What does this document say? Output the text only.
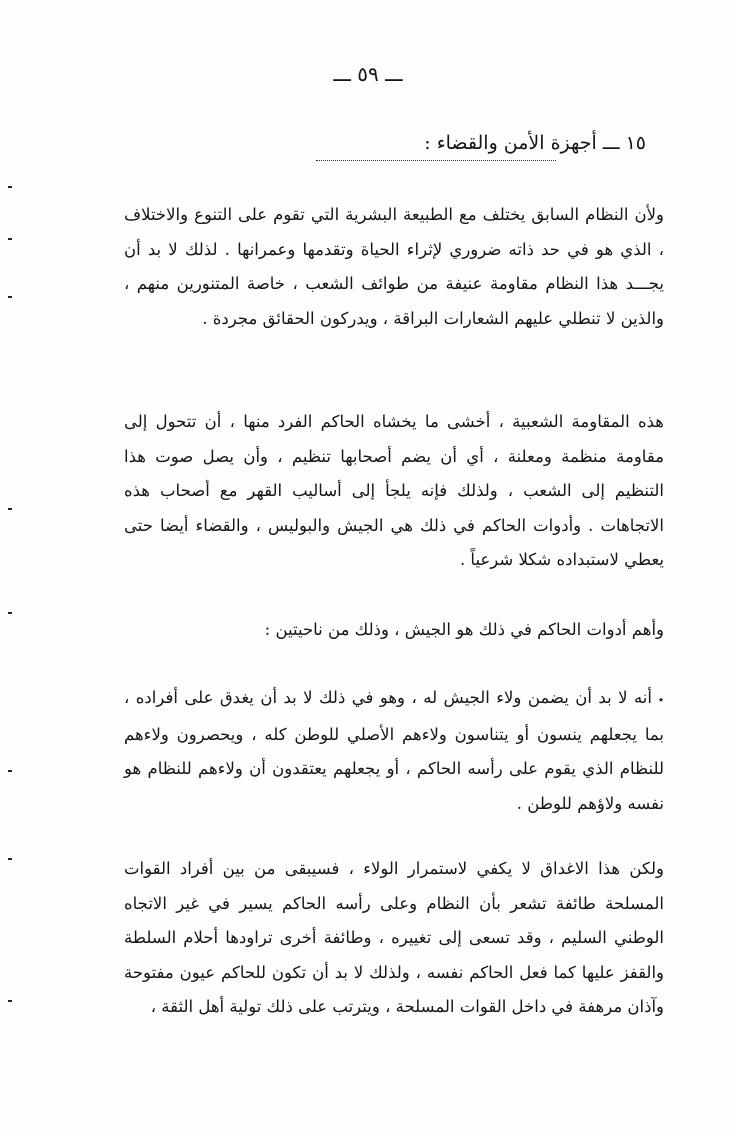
ـــ ٥٩ ـــ
١٥ ـــ أجهزة الأمن والقضاء :

ولأن النظام السابق يختلف مع الطبيعة البشرية التي تقوم على التنوع والاختلاف ، الذي هو في حد ذاته ضروري لإثراء الحياة وتقدمها وعمرانها . لذلك لا بد أن يجـــد هذا النظام مقاومة عنيفة من طوائف الشعب ، خاصة المتنورين منهم ، والذين لا تنطلي عليهم الشعارات البراقة ، ويدركون الحقائق مجردة .

هذه المقاومة الشعبية ، أخشى ما يخشاه الحاكم الفرد منها ، أن تتحول إلى مقاومة منظمة ومعلنة ، أي أن يضم أصحابها تنظيم ، وأن يصل صوت هذا التنظيم إلى الشعب ، ولذلك فإنه يلجأ إلى أساليب القهر مع أصحاب هذه الاتجاهات . وأدوات الحاكم في ذلك هي الجيش والبوليس ، والقضاء أيضا حتى يعطي لاستبداده شكلا شرعياً .

وأهم أدوات الحاكم في ذلك هو الجيش ، وذلك من ناحيتين :

٭أنه لا بد أن يضمن ولاء الجيش له ، وهو في ذلك لا بد أن يغدق على أفراده ، بما يجعلهم ينسون أو يتناسون ولاءهم الأصلي للوطن كله ، ويحصرون ولاءهم للنظام الذي يقوم على رأسه الحاكم ، أو يجعلهم يعتقدون أن ولاءهم للنظام هو نفسه ولاؤهم للوطن .

ولكن هذا الاغداق لا يكفي لاستمرار الولاء ، فسيبقى من بين أفراد القوات المسلحة طائفة تشعر بأن النظام وعلى رأسه الحاكم يسير في غير الاتجاه الوطني السليم ، وقد تسعى إلى تغييره ، وطائفة أخرى تراودها أحلام السلطة والقفز عليها كما فعل الحاكم نفسه ، ولذلك لا بد أن تكون للحاكم عيون مفتوحة وآذان مرهفة في داخل القوات المسلحة ، ويترتب على ذلك تولية أهل الثقة ،
